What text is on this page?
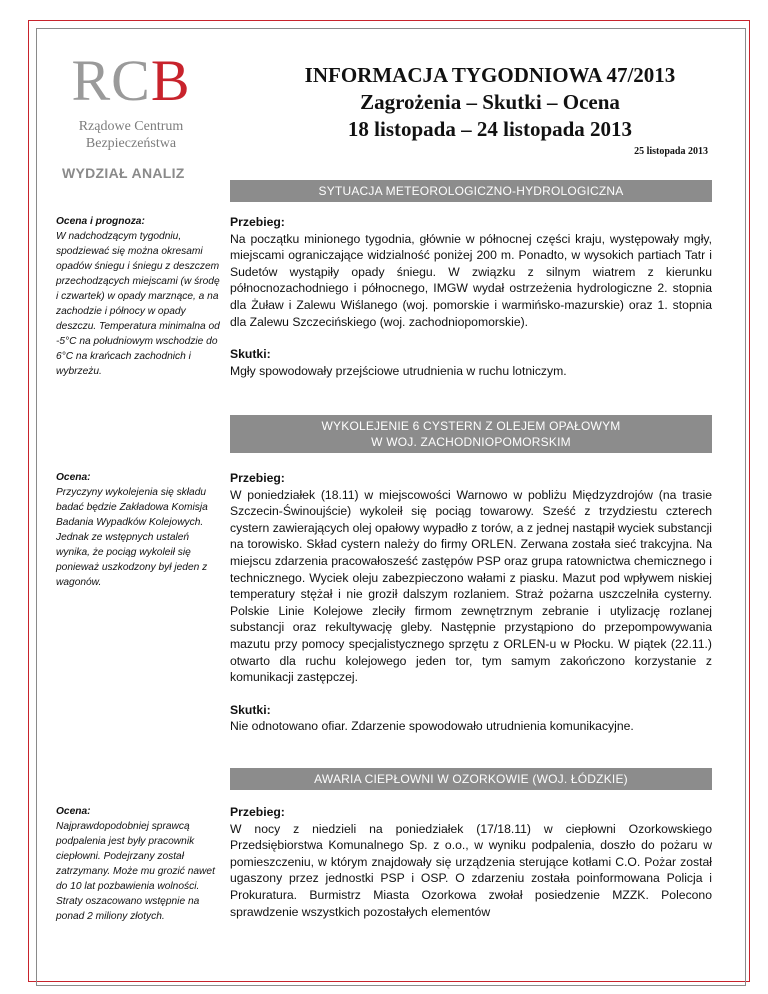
RCB
Rządowe Centrum
Bezpieczeństwa
INFORMACJA TYGODNIOWA 47/2013
Zagrożenia – Skutki – Ocena
18 listopada – 24 listopada 2013
25 listopada 2013
WYDZIAŁ ANALIZ
SYTUACJA METEOROLOGICZNO-HYDROLOGICZNA

Ocena i prognoza:

W nadchodzącym tygodniu, spodziewać się można okresami opadów śniegu i śniegu z deszczem przechodzących miejscami (w środę i czwartek) w opady marznące, a na zachodzie i północy w opady deszczu. Temperatura minimalna od -5°C na południowym wschodzie do 6°C na krańcach zachodnich i wybrzeżu.

Przebieg:

Na początku minionego tygodnia, głównie w północnej części kraju, występowały mgły, miejscami ograniczające widzialność poniżej 200 m. Ponadto, w wysokich partiach Tatr i Sudetów wystąpiły opady śniegu. W związku z silnym wiatrem z kierunku północnozachodniego i północnego, IMGW wydał ostrzeżenia hydrologiczne 2. stopnia dla Żuław i Zalewu Wiślanego (woj. pomorskie i warmińsko-mazurskie) oraz 1. stopnia dla Zalewu Szczecińskiego (woj. zachodniopomorskie).

Skutki:

Mgły spowodowały przejściowe utrudnienia w ruchu lotniczym.

WYKOLEJENIE 6 CYSTERN Z OLEJEM OPAŁOWYM
W WOJ. ZACHODNIOPOMORSKIM

Ocena:

Przyczyny wykolejenia się składu badać będzie Zakładowa Komisja Badania Wypadków Kolejowych. Jednak ze wstępnych ustaleń wynika, że pociąg wykoleił się ponieważ uszkodzony był jeden z wagonów.

Przebieg:

W poniedziałek (18.11) w miejscowości Warnowo w pobliżu Międzyzdrojów (na trasie Szczecin-Świnoujście) wykoleił się pociąg towarowy. Sześć z trzydziestu czterech cystern zawierających olej opałowy wypadło z torów, a z jednej nastąpił wyciek substancji na torowisko. Skład cystern należy do firmy ORLEN. Zerwana została sieć trakcyjna. Na miejscu zdarzenia pracowałosześć zastępów PSP oraz grupa ratownictwa chemicznego i technicznego. Wyciek oleju zabezpieczono wałami z piasku. Mazut pod wpływem niskiej temperatury stężał i nie groził dalszym rozlaniem. Straż pożarna uszczelniła cysterny. Polskie Linie Kolejowe zleciły firmom zewnętrznym zebranie i utylizację rozlanej substancji oraz rekultywację gleby. Następnie przystąpiono do przepompowywania mazutu przy pomocy specjalistycznego sprzętu z ORLEN-u w Płocku. W piątek (22.11.) otwarto dla ruchu kolejowego jeden tor, tym samym zakończono korzystanie z komunikacji zastępczej.

Skutki:

Nie odnotowano ofiar. Zdarzenie spowodowało utrudnienia komunikacyjne.

AWARIA CIEPŁOWNI W OZORKOWIE (WOJ. ŁÓDZKIE)

Ocena:

Najprawdopodobniej sprawcą podpalenia jest były pracownik ciepłowni. Podejrzany został zatrzymany. Może mu grozić nawet do 10 lat pozbawienia wolności. Straty oszacowano wstępnie na ponad 2 miliony złotych.

Przebieg:

W nocy z niedzieli na poniedziałek (17/18.11) w ciepłowni Ozorkowskiego Przedsiębiorstwa Komunalnego Sp. z o.o., w wyniku podpalenia, doszło do pożaru w pomieszczeniu, w którym znajdowały się urządzenia sterujące kotłami C.O. Pożar został ugaszony przez jednostki PSP i OSP. O zdarzeniu została poinformowana Policja i Prokuratura. Burmistrz Miasta Ozorkowa zwołał posiedzenie MZZK. Polecono sprawdzenie wszystkich pozostałych elementów
